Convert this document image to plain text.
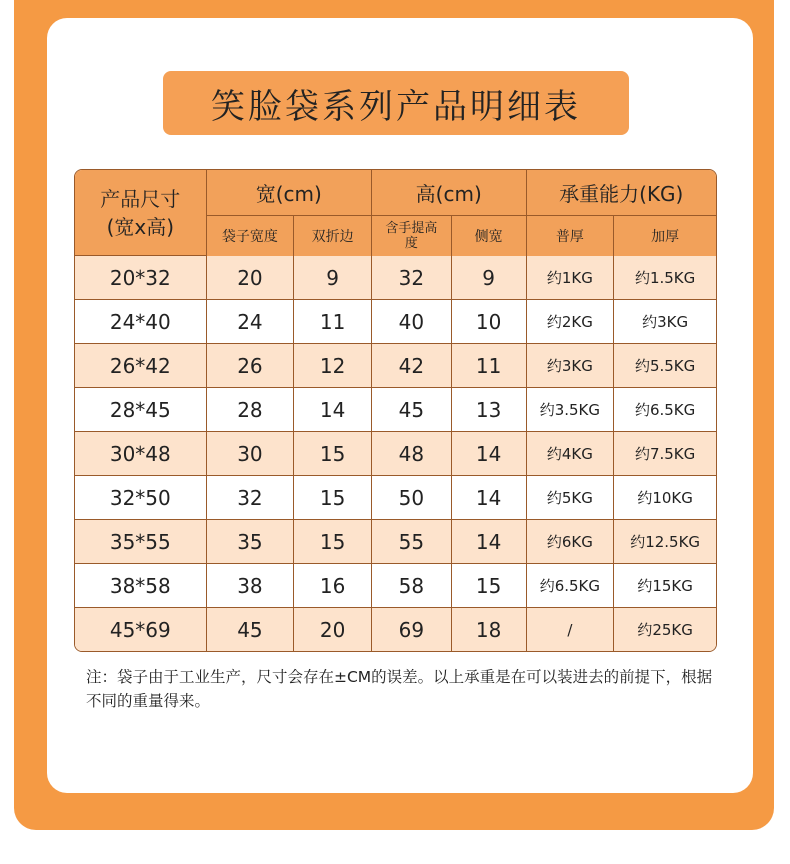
笑脸袋系列产品明细表
产品尺寸
(宽x高)	宽(cm)		高(cm)		承重能力(KG)	
	袋子宽度	双折边	含手提高度	侧宽	普厚	加厚
20*32	20	9	32	9	约1KG	约1.5KG
24*40	24	11	40	10	约2KG	约3KG
26*42	26	12	42	11	约3KG	约5.5KG
28*45	28	14	45	13	约3.5KG	约6.5KG
30*48	30	15	48	14	约4KG	约7.5KG
32*50	32	15	50	14	约5KG	约10KG
35*55	35	15	55	14	约6KG	约12.5KG
38*58	38	16	58	15	约6.5KG	约15KG
45*69	45	20	69	18	/	约25KG
注：袋子由于工业生产，尺寸会存在±CM的误差。以上承重是在可以装进去的前提下，根据不同的重量得来。
